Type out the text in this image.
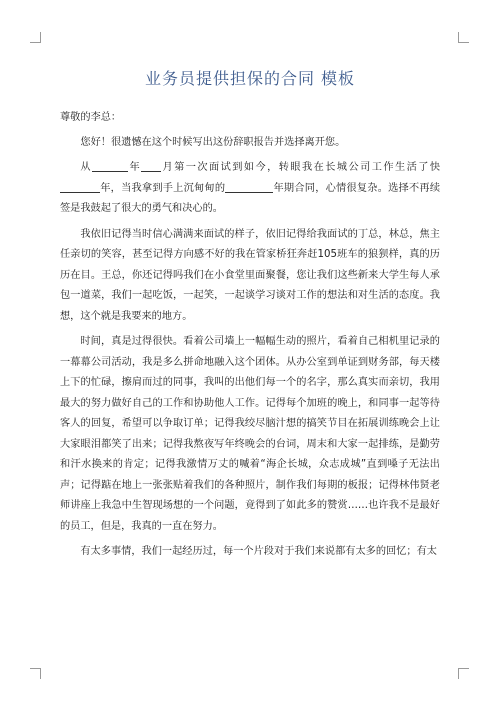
业务员提供担保的合同 模板

尊敬的李总：

您好！很遗憾在这个时候写出这份辞职报告并选择离开您。

从	年 月第一次面试到如今，转眼我在长城公司工作生活了快年，当我拿到手上沉甸甸的	年期合同，心情很复杂。选择不再续签是我鼓起了很大的勇气和决心的。

我依旧记得当时信心满满来面试的样子，依旧记得给我面试的丁总，林总，焦主任亲切的笑容，甚至记得方向感不好的我在管家桥狂奔赶105班车的狼狈样，真的历历在目。王总，你还记得吗我们在小食堂里面聚餐，您让我们这些新来大学生每人承包一道菜，我们一起吃饭，一起笑，一起谈学习谈对工作的想法和对生活的态度。我想，这个就是我要来的地方。

时间，真是过得很快。看着公司墙上一幅幅生动的照片，看着自己相机里记录的一幕幕公司活动，我是多么拼命地融入这个团体。从办公室到单证到财务部，每天楼上下的忙碌，擦肩而过的同事，我叫的出他们每一个的名字，那么真实而亲切，我用最大的努力做好自己的工作和协助他人工作。记得每个加班的晚上，和同事一起等待客人的回复，希望可以争取订单；记得我绞尽脑汁想的搞笑节目在拓展训练晚会上让大家眼泪都笑了出来；记得我熬夜写年终晚会的台词，周末和大家一起排练，是勤劳和汗水换来的肯定；记得我激情万丈的喊着“海企长城，众志成城”直到嗓子无法出声；记得踮在地上一张张贴着我们的各种照片，制作我们每期的板报；记得林伟贤老师讲座上我急中生智现场想的一个问题，竟得到了如此多的赞赏……也许我不是最好的员工，但是，我真的一直在努力。

有太多事情，我们一起经历过，每一个片段对于我们来说都有太多的回忆；有太
